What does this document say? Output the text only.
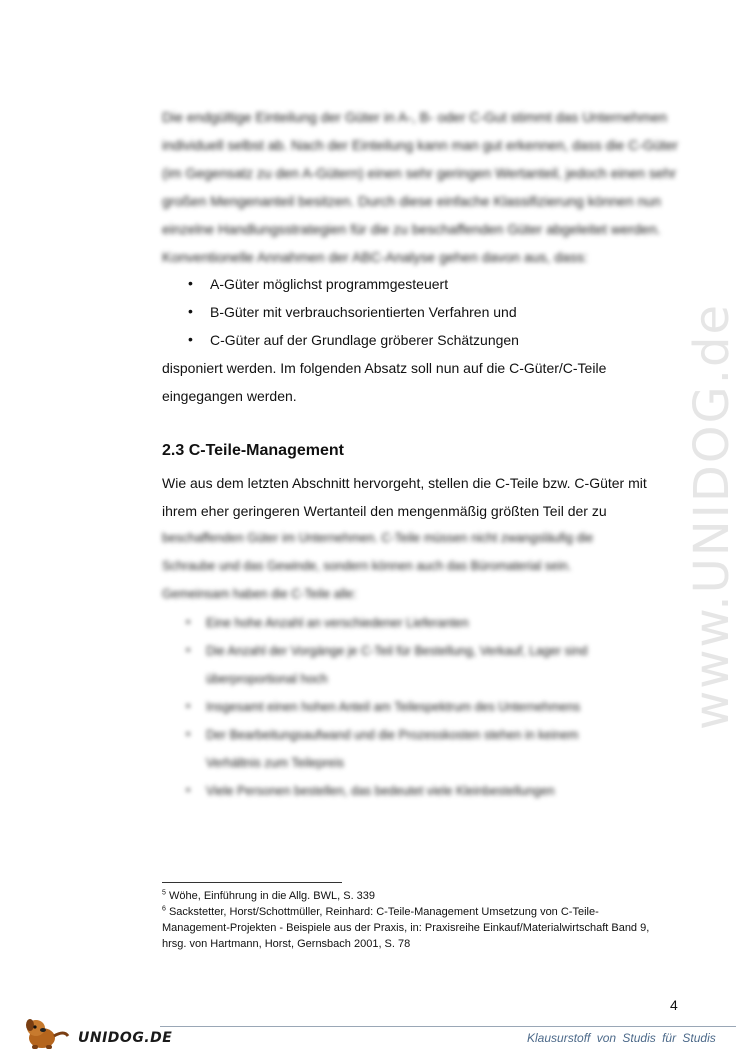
Die endgültige Einteilung der Güter in A-, B- oder C-Gut stimmt das Unternehmen
individuell selbst ab. Nach der Einteilung kann man gut erkennen, dass die C-Güter
(im Gegensatz zu den A-Gütern) einen sehr geringen Wertanteil, jedoch einen sehr
großen Mengenanteil besitzen. Durch diese einfache Klassifizierung können nun
einzelne Handlungsstrategien für die zu beschaffenden Güter abgeleitet werden.
Konventionelle Annahmen der ABC-Analyse gehen davon aus, dass:
• A-Güter möglichst programmgesteuert
• B-Güter mit verbrauchsorientierten Verfahren und
• C-Güter auf der Grundlage gröberer Schätzungen
disponiert werden. Im folgenden Absatz soll nun auf die C-Güter/C-Teile
eingegangen werden.
2.3 C-Teile-Management
Wie aus dem letzten Abschnitt hervorgeht, stellen die C-Teile bzw. C-Güter mit
ihrem eher geringeren Wertanteil den mengenmäßig größten Teil der zu
beschaffenden Güter im Unternehmen. C-Teile müssen nicht zwangsläufig die
Schraube und das Gewinde, sondern können auch das Büromaterial sein.
Gemeinsam haben die C-Teile alle:
• Eine hohe Anzahl an verschiedener Lieferanten
• Die Anzahl der Vorgänge je C-Teil für Bestellung, Verkauf, Lager sind
überproportional hoch
• Insgesamt einen hohen Anteil am Teilespektrum des Unternehmens
• Der Bearbeitungsaufwand und die Prozesskosten stehen in keinem
Verhältnis zum Teilepreis
• Viele Personen bestellen, das bedeutet viele Kleinbestellungen
$^5$ Wöhe, Einführung in die Allg. BWL, S. 339
$^6$ Sackstetter, Horst/Schottmüller, Reinhard: C-Teile-Management Umsetzung von C-Teile-
Management-Projekten - Beispiele aus der Praxis, in: Praxisreihe Einkauf/Materialwirtschaft Band 9,
hrsg. von Hartmann, Horst, Gernsbach 2001, S. 78
4
www.UNIDOG.de
UNIDOG.DE	Klausurstoff von Studis für Studis
